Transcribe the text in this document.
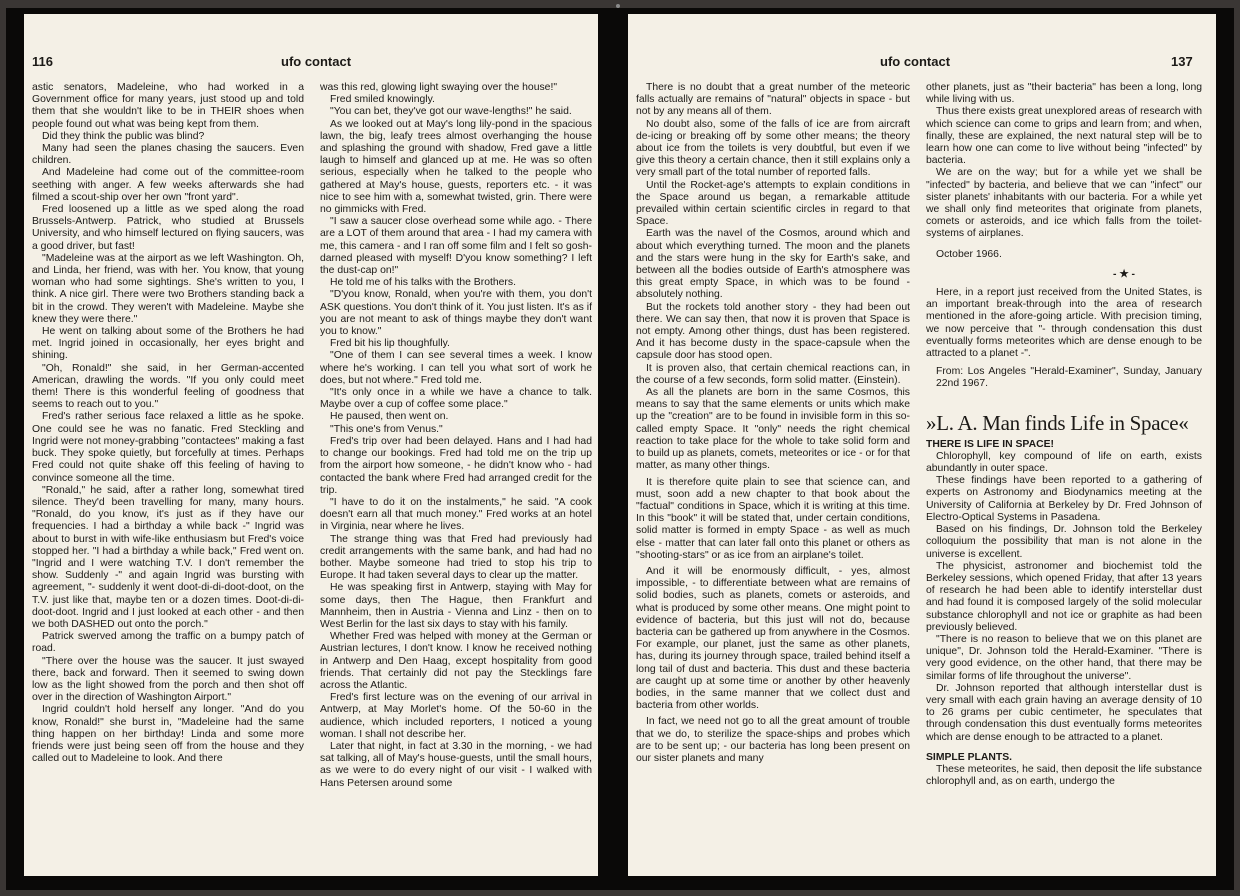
116	ufo contact

astic senators, Madeleine, who had worked in a Government office for many years, just stood up and told them that she wouldn't like to be in THEIR shoes when people found out what was being kept from them.

Did they think the public was blind?

Many had seen the planes chasing the saucers. Even children.

And Madeleine had come out of the committee-room seething with anger. A few weeks afterwards she had filmed a scout-ship over her own "front yard".

Fred loosened up a little as we sped along the road Brussels-Antwerp. Patrick, who studied at Brussels University, and who himself lectured on flying saucers, was a good driver, but fast!

"Madeleine was at the airport as we left Washington. Oh, and Linda, her friend, was with her. You know, that young woman who had some sightings. She's written to you, I think. A nice girl. There were two Brothers standing back a bit in the crowd. They weren't with Madeleine. Maybe she knew they were there."

He went on talking about some of the Brothers he had met. Ingrid joined in occasionally, her eyes bright and shining.

"Oh, Ronald!" she said, in her German-accented American, drawling the words. "If you only could meet them! There is this wonderful feeling of goodness that seems to reach out to you."

Fred's rather serious face relaxed a little as he spoke. One could see he was no fanatic. Fred Steckling and Ingrid were not money-grabbing "contactees" making a fast buck. They spoke quietly, but forcefully at times. Perhaps Fred could not quite shake off this feeling of having to convince someone all the time.

"Ronald," he said, after a rather long, somewhat tired silence. They'd been travelling for many, many hours. "Ronald, do you know, it's just as if they have our frequencies. I had a birthday a while back -" Ingrid was about to burst in with wife-like enthusiasm but Fred's voice stopped her. "I had a birthday a while back," Fred went on. "Ingrid and I were watching T.V. I don't remember the show. Suddenly -" and again Ingrid was bursting with agreement, "- suddenly it went doot-di-di-doot-doot, on the T.V. just like that, maybe ten or a dozen times. Doot-di-di-doot-doot. Ingrid and I just looked at each other - and then we both DASHED out onto the porch."

Patrick swerved among the traffic on a bumpy patch of road.

"There over the house was the saucer. It just swayed there, back and forward. Then it seemed to swing down low as the light showed from the porch and then shot off over in the direction of Washington Airport."

Ingrid couldn't hold herself any longer. "And do you know, Ronald!" she burst in, "Madeleine had the same thing happen on her birthday! Linda and some more friends were just being seen off from the house and they called out to Madeleine to look. And there

was this red, glowing light swaying over the house!"

Fred smiled knowingly.

"You can bet, they've got our wave-lengths!" he said.

As we looked out at May's long lily-pond in the spacious lawn, the big, leafy trees almost overhanging the house and splashing the ground with shadow, Fred gave a little laugh to himself and glanced up at me. He was so often serious, especially when he talked to the people who gathered at May's house, guests, reporters etc. - it was nice to see him with a, somewhat twisted, grin. There were no gimmicks with Fred.

"I saw a saucer close overhead some while ago. - There are a LOT of them around that area - I had my camera with me, this camera - and I ran off some film and I felt so gosh-darned pleased with myself! D'you know something? I left the dust-cap on!"

He told me of his talks with the Brothers.

"D'you know, Ronald, when you're with them, you don't ASK questions. You don't think of it. You just listen. It's as if you are not meant to ask of things maybe they don't want you to know."

Fred bit his lip thoughfully.

"One of them I can see several times a week. I know where he's working. I can tell you what sort of work he does, but not where." Fred told me.

"It's only once in a while we have a chance to talk. Maybe over a cup of coffee some place."

He paused, then went on.

"This one's from Venus."

Fred's trip over had been delayed. Hans and I had had to change our bookings. Fred had told me on the trip up from the airport how someone, - he didn't know who - had contacted the bank where Fred had arranged credit for the trip.

"I have to do it on the instalments," he said. "A cook doesn't earn all that much money." Fred works at an hotel in Virginia, near where he lives.

The strange thing was that Fred had previously had credit arrangements with the same bank, and had had no bother. Maybe someone had tried to stop his trip to Europe. It had taken several days to clear up the matter.

He was speaking first in Antwerp, staying with May for some days, then The Hague, then Frankfurt and Mannheim, then in Austria - Vienna and Linz - then on to West Berlin for the last six days to stay with his family.

Whether Fred was helped with money at the German or Austrian lectures, I don't know. I know he received nothing in Antwerp and Den Haag, except hospitality from good friends. That certainly did not pay the Stecklings fare across the Atlantic.

Fred's first lecture was on the evening of our arrival in Antwerp, at May Morlet's home. Of the 50-60 in the audience, which included reporters, I noticed a young woman. I shall not describe her.

Later that night, in fact at 3.30 in the morning, - we had sat talking, all of May's house-guests, until the small hours, as we were to do every night of our visit - I walked with Hans Petersen around some

ufo contact	137

There is no doubt that a great number of the meteoric falls actually are remains of "natural" objects in space - but not by any means all of them.

No doubt also, some of the falls of ice are from aircraft de-icing or breaking off by some other means; the theory about ice from the toilets is very doubtful, but even if we give this theory a certain chance, then it still explains only a very small part of the total number of reported falls.

Until the Rocket-age's attempts to explain conditions in the Space around us began, a remarkable attitude prevailed within certain scientific circles in regard to that Space.

Earth was the navel of the Cosmos, around which and about which everything turned. The moon and the planets and the stars were hung in the sky for Earth's sake, and between all the bodies outside of Earth's atmosphere was this great empty Space, in which was to be found - absolutely nothing.

But the rockets told another story - they had been out there. We can say then, that now it is proven that Space is not empty. Among other things, dust has been registered. And it has become dusty in the space-capsule when the capsule door has stood open.

It is proven also, that certain chemical reactions can, in the course of a few seconds, form solid matter. (Einstein).

As all the planets are born in the same Cosmos, this means to say that the same elements or units which make up the "creation" are to be found in invisible form in this so-called empty Space. It "only" needs the right chemical reaction to take place for the whole to take solid form and to build up as planets, comets, meteorites or ice - or for that matter, as many other things.

It is therefore quite plain to see that science can, and must, soon add a new chapter to that book about the "factual" conditions in Space, which it is writing at this time. In this "book" it will be stated that, under certain conditions, solid matter is formed in empty Space - as well as much else - matter that can later fall onto this planet or others as "shooting-stars" or as ice from an airplane's toilet.

And it will be enormously difficult, - yes, almost impossible, - to differentiate between what are remains of solid bodies, such as planets, comets or asteroids, and what is produced by some other means. One might point to evidence of bacteria, but this just will not do, because bacteria can be gathered up from anywhere in the Cosmos. For example, our planet, just the same as other planets, has, during its journey through space, trailed behind itself a long tail of dust and bacteria. This dust and these bacteria are caught up at some time or another by other heavenly bodies, in the same manner that we collect dust and bacteria from other worlds.

In fact, we need not go to all the great amount of trouble that we do, to sterilize the space-ships and probes which are to be sent up; - our bacteria has long been present on our sister planets and many

other planets, just as "their bacteria" has been a long, long while living with us.

Thus there exists great unexplored areas of research with which science can come to grips and learn from; and when, finally, these are explained, the next natural step will be to learn how one can come to live without being "infected" by bacteria.

We are on the way; but for a while yet we shall be "infected" by bacteria, and believe that we can "infect" our sister planets' inhabitants with our bacteria. For a while yet we shall only find meteorites that originate from planets, comets or asteroids, and ice which falls from the toilet-systems of airplanes.

October 1966.

- ★ -

Here, in a report just received from the United States, is an important break-through into the area of research mentioned in the afore-going article. With precision timing, we now perceive that "- through condensation this dust eventually forms meteorites which are dense enough to be attracted to a planet -".

From: Los Angeles "Herald-Examiner", Sunday, January 22nd 1967.

»L. A. Man finds Life in Space«

THERE IS LIFE IN SPACE!

Chlorophyll, key compound of life on earth, exists abundantly in outer space.

These findings have been reported to a gathering of experts on Astronomy and Biodynamics meeting at the University of California at Berkeley by Dr. Fred Johnson of Electro-Optical Systems in Pasadena.

Based on his findings, Dr. Johnson told the Berkeley colloquium the possibility that man is not alone in the universe is excellent.

The physicist, astronomer and biochemist told the Berkeley sessions, which opened Friday, that after 13 years of research he had been able to identify interstellar dust and had found it is composed largely of the solid molecular substance chlorophyll and not ice or graphite as had been previously believed.

"There is no reason to believe that we on this planet are unique", Dr. Johnson told the Herald-Examiner. "There is very good evidence, on the other hand, that there may be similar forms of life throughout the universe".

Dr. Johnson reported that although interstellar dust is very small with each grain having an average density of 10 to 26 grams per cubic centimeter, he speculates that through condensation this dust eventually forms meteorites which are dense enough to be attracted to a planet.

SIMPLE PLANTS.

These meteorites, he said, then deposit the life substance chlorophyll and, as on earth, undergo the
